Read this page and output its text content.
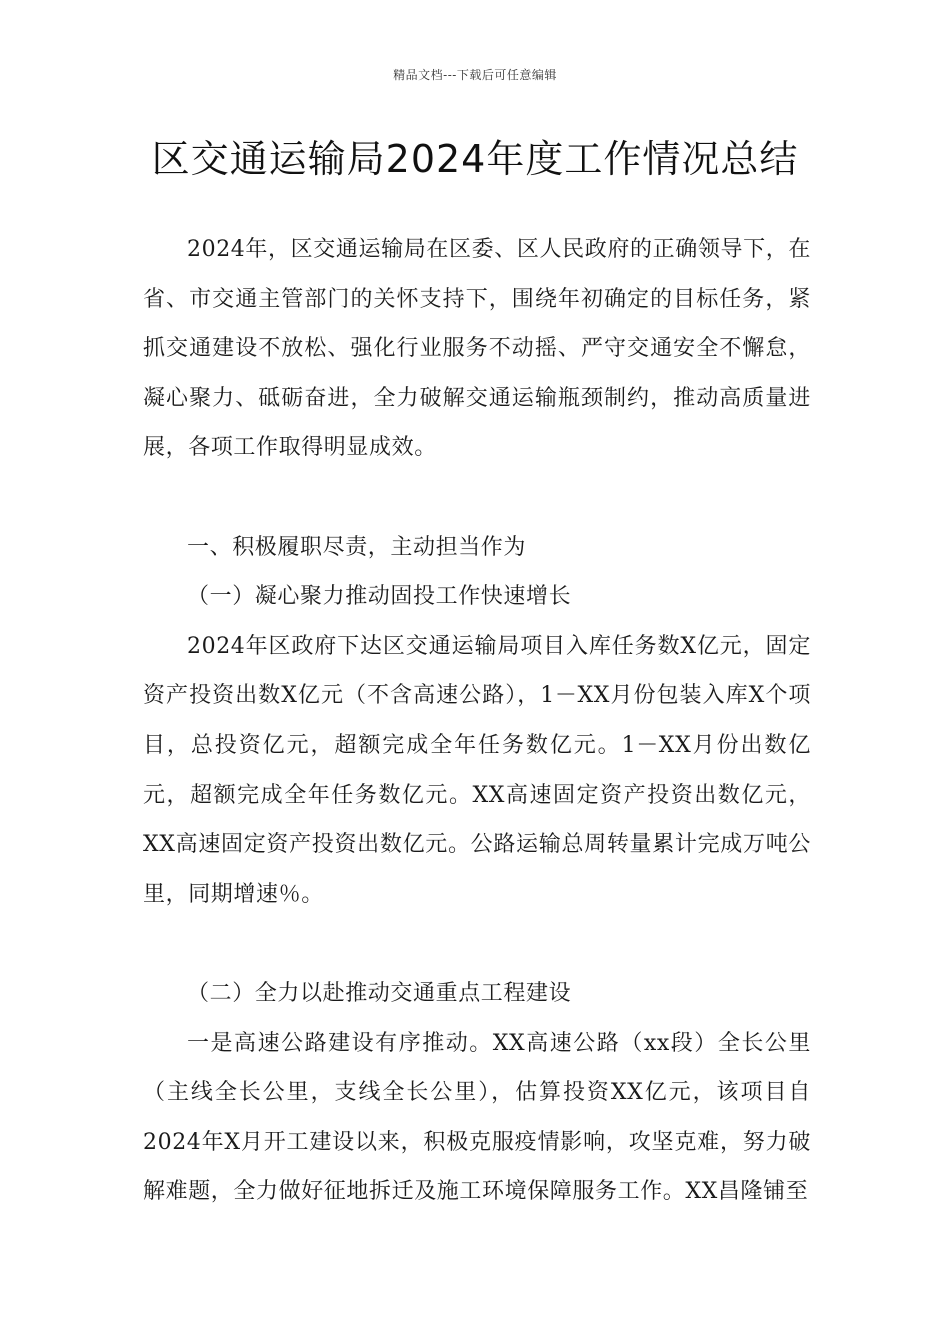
精品文档---下载后可任意编辑
区交通运输局2024年度工作情况总结

2024年，区交通运输局在区委、区人民政府的正确领导下，在省、市交通主管部门的关怀支持下，围绕年初确定的目标任务，紧抓交通建设不放松、强化行业服务不动摇、严守交通安全不懈怠，凝心聚力、砥砺奋进，全力破解交通运输瓶颈制约，推动高质量进展，各项工作取得明显成效。

一、积极履职尽责，主动担当作为

（一）凝心聚力推动固投工作快速增长

2024年区政府下达区交通运输局项目入库任务数X亿元，固定资产投资出数X亿元（不含高速公路），1－XX月份包装入库X个项目，总投资亿元，超额完成全年任务数亿元。1－XX月份出数亿元，超额完成全年任务数亿元。XX高速固定资产投资出数亿元，XX高速固定资产投资出数亿元。公路运输总周转量累计完成万吨公里，同期增速％。

（二）全力以赴推动交通重点工程建设

一是高速公路建设有序推动。XX高速公路（xx段）全长公里（主线全长公里，支线全长公里），估算投资XX亿元，该项目自2024年X月开工建设以来，积极克服疫情影响，攻坚克难，努力破解难题，全力做好征地拆迁及施工环境保障服务工作。XX昌隆铺至
